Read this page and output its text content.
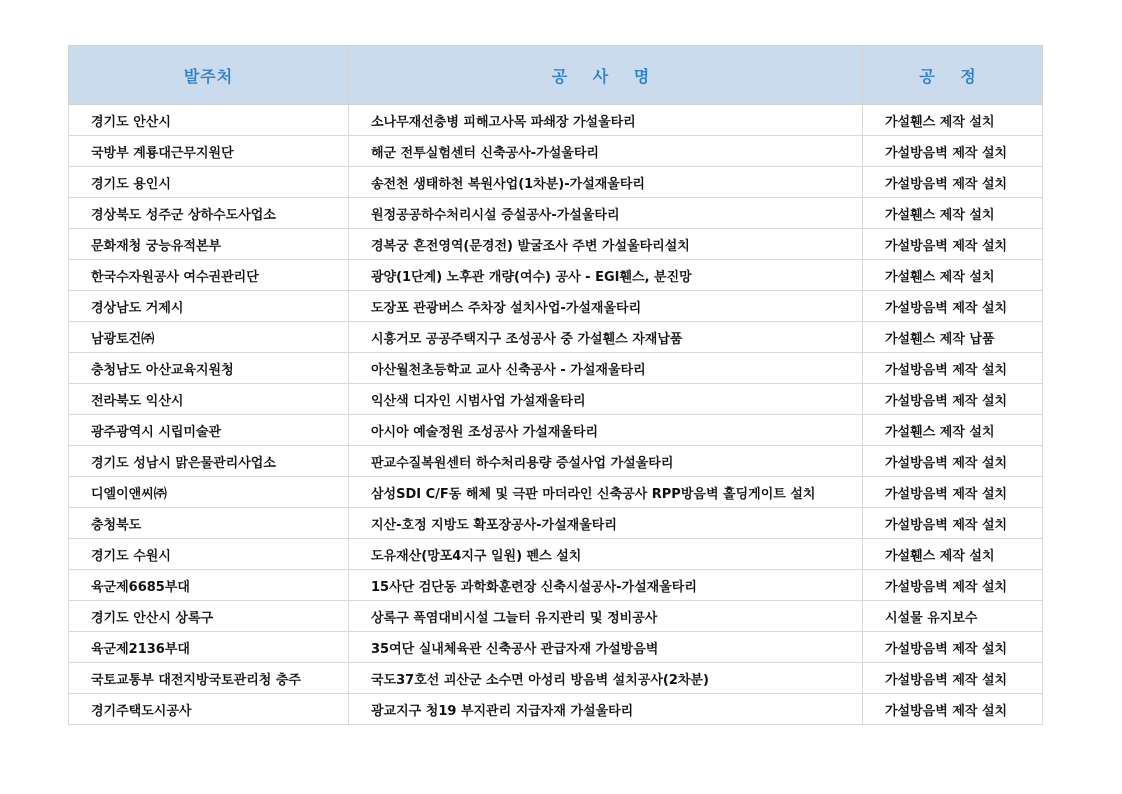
발주처	공 사 명	공 정
경기도 안산시	소나무재선충병 피해고사목 파쇄장 가설울타리	가설휀스 제작 설치
국방부 계룡대근무지원단	해군 전투실험센터 신축공사-가설울타리	가설방음벽 제작 설치
경기도 용인시	송전천 생태하천 복원사업(1차분)-가설재울타리	가설방음벽 제작 설치
경상북도 성주군 상하수도사업소	원정공공하수처리시설 증설공사-가설울타리	가설휀스 제작 설치
문화재청 궁능유적본부	경복궁 흔전영역(문경전) 발굴조사 주변 가설울타리설치	가설방음벽 제작 설치
한국수자원공사 여수권관리단	광양(1단계) 노후관 개량(여수) 공사 - EGI휀스, 분진망	가설휀스 제작 설치
경상남도 거제시	도장포 관광버스 주차장 설치사업-가설재울타리	가설방음벽 제작 설치
남광토건㈜	시흥거모 공공주택지구 조성공사 중 가설휀스 자재납품	가설휀스 제작 납품
충청남도 아산교육지원청	아산월천초등학교 교사 신축공사 - 가설재울타리	가설방음벽 제작 설치
전라북도 익산시	익산색 디자인 시범사업 가설재울타리	가설방음벽 제작 설치
광주광역시 시립미술관	아시아 예술정원 조성공사 가설재울타리	가설휀스 제작 설치
경기도 성남시 맑은물관리사업소	판교수질복원센터 하수처리용량 증설사업 가설울타리	가설방음벽 제작 설치
디엘이앤씨㈜	삼성SDI C/F동 해체 및 극판 마더라인 신축공사 RPP방음벽 홀딩게이트 설치	가설방음벽 제작 설치
충청북도	지산-호정 지방도 확포장공사-가설재울타리	가설방음벽 제작 설치
경기도 수원시	도유재산(망포4지구 일원) 펜스 설치	가설휀스 제작 설치
육군제6685부대	15사단 검단동 과학화훈련장 신축시설공사-가설재울타리	가설방음벽 제작 설치
경기도 안산시 상록구	상록구 폭염대비시설 그늘터 유지관리 및 정비공사	시설물 유지보수
육군제2136부대	35여단 실내체육관 신축공사 관급자재 가설방음벽	가설방음벽 제작 설치
국토교통부 대전지방국토관리청 충주	국도37호선 괴산군 소수면 아성리 방음벽 설치공사(2차분)	가설방음벽 제작 설치
경기주택도시공사	광교지구 청19 부지관리 지급자재 가설울타리	가설방음벽 제작 설치
